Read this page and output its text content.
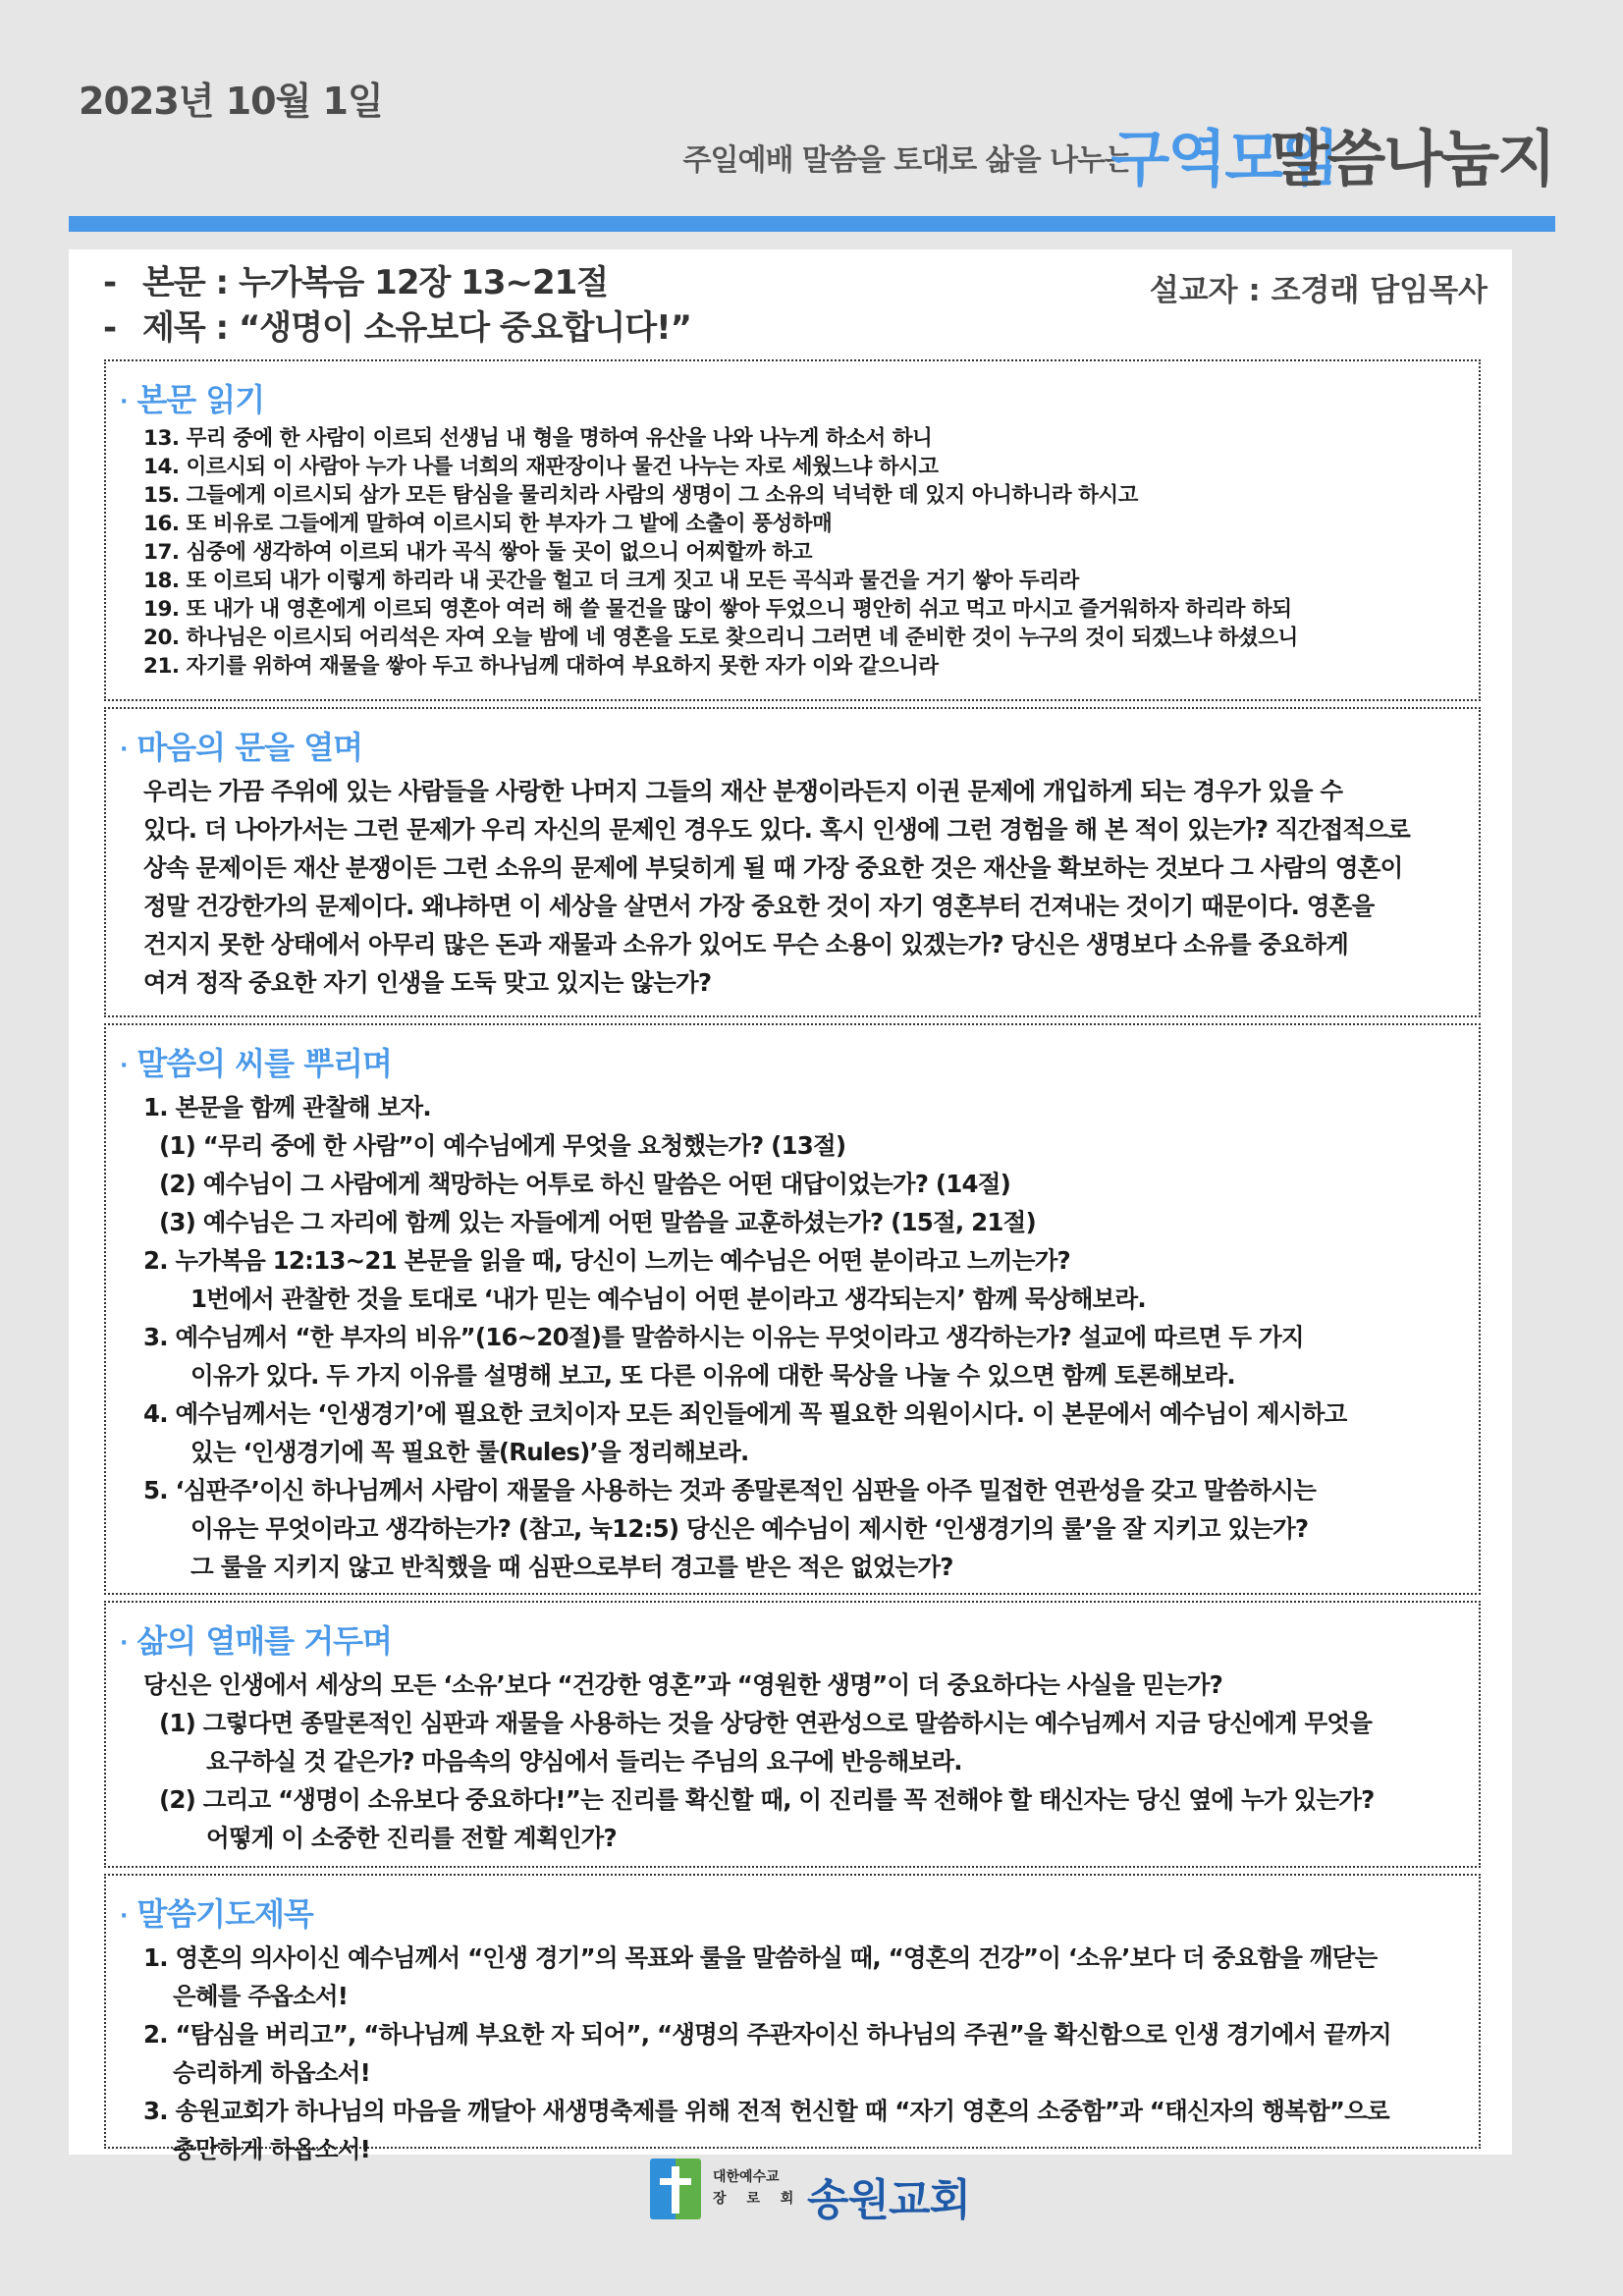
2023년 10월 1일
주일예배 말씀을 토대로 삶을 나누는
구역모임
말씀나눔지
- 본문 : 누가복음 12장 13~21절
- 제목 : “생명이 소유보다 중요합니다!”
설교자 : 조경래 담임목사
· 본문 읽기
13. 무리 중에 한 사람이 이르되 선생님 내 형을 명하여 유산을 나와 나누게 하소서 하니
14. 이르시되 이 사람아 누가 나를 너희의 재판장이나 물건 나누는 자로 세웠느냐 하시고
15. 그들에게 이르시되 삼가 모든 탐심을 물리치라 사람의 생명이 그 소유의 넉넉한 데 있지 아니하니라 하시고
16. 또 비유로 그들에게 말하여 이르시되 한 부자가 그 밭에 소출이 풍성하매
17. 심중에 생각하여 이르되 내가 곡식 쌓아 둘 곳이 없으니 어찌할까 하고
18. 또 이르되 내가 이렇게 하리라 내 곳간을 헐고 더 크게 짓고 내 모든 곡식과 물건을 거기 쌓아 두리라
19. 또 내가 내 영혼에게 이르되 영혼아 여러 해 쓸 물건을 많이 쌓아 두었으니 평안히 쉬고 먹고 마시고 즐거워하자 하리라 하되
20. 하나님은 이르시되 어리석은 자여 오늘 밤에 네 영혼을 도로 찾으리니 그러면 네 준비한 것이 누구의 것이 되겠느냐 하셨으니
21. 자기를 위하여 재물을 쌓아 두고 하나님께 대하여 부요하지 못한 자가 이와 같으니라
· 마음의 문을 열며
우리는 가끔 주위에 있는 사람들을 사랑한 나머지 그들의 재산 분쟁이라든지 이권 문제에 개입하게 되는 경우가 있을 수
있다. 더 나아가서는 그런 문제가 우리 자신의 문제인 경우도 있다. 혹시 인생에 그런 경험을 해 본 적이 있는가? 직간접적으로
상속 문제이든 재산 분쟁이든 그런 소유의 문제에 부딪히게 될 때 가장 중요한 것은 재산을 확보하는 것보다 그 사람의 영혼이
정말 건강한가의 문제이다. 왜냐하면 이 세상을 살면서 가장 중요한 것이 자기 영혼부터 건져내는 것이기 때문이다. 영혼을
건지지 못한 상태에서 아무리 많은 돈과 재물과 소유가 있어도 무슨 소용이 있겠는가? 당신은 생명보다 소유를 중요하게
여겨 정작 중요한 자기 인생을 도둑 맞고 있지는 않는가?
· 말씀의 씨를 뿌리며
1. 본문을 함께 관찰해 보자.
(1) “무리 중에 한 사람”이 예수님에게 무엇을 요청했는가? (13절)
(2) 예수님이 그 사람에게 책망하는 어투로 하신 말씀은 어떤 대답이었는가? (14절)
(3) 예수님은 그 자리에 함께 있는 자들에게 어떤 말씀을 교훈하셨는가? (15절, 21절)
2. 누가복음 12:13~21 본문을 읽을 때, 당신이 느끼는 예수님은 어떤 분이라고 느끼는가?
1번에서 관찰한 것을 토대로 ‘내가 믿는 예수님이 어떤 분이라고 생각되는지’ 함께 묵상해보라.
3. 예수님께서 “한 부자의 비유”(16~20절)를 말씀하시는 이유는 무엇이라고 생각하는가? 설교에 따르면 두 가지
이유가 있다. 두 가지 이유를 설명해 보고, 또 다른 이유에 대한 묵상을 나눌 수 있으면 함께 토론해보라.
4. 예수님께서는 ‘인생경기’에 필요한 코치이자 모든 죄인들에게 꼭 필요한 의원이시다. 이 본문에서 예수님이 제시하고
있는 ‘인생경기에 꼭 필요한 룰(Rules)’을 정리해보라.
5. ‘심판주’이신 하나님께서 사람이 재물을 사용하는 것과 종말론적인 심판을 아주 밀접한 연관성을 갖고 말씀하시는
이유는 무엇이라고 생각하는가? (참고, 눅12:5) 당신은 예수님이 제시한 ‘인생경기의 룰’을 잘 지키고 있는가?
그 룰을 지키지 않고 반칙했을 때 심판으로부터 경고를 받은 적은 없었는가?
· 삶의 열매를 거두며
당신은 인생에서 세상의 모든 ‘소유’보다 “건강한 영혼”과 “영원한 생명”이 더 중요하다는 사실을 믿는가?
(1) 그렇다면 종말론적인 심판과 재물을 사용하는 것을 상당한 연관성으로 말씀하시는 예수님께서 지금 당신에게 무엇을
요구하실 것 같은가? 마음속의 양심에서 들리는 주님의 요구에 반응해보라.
(2) 그리고 “생명이 소유보다 중요하다!”는 진리를 확신할 때, 이 진리를 꼭 전해야 할 태신자는 당신 옆에 누가 있는가?
어떻게 이 소중한 진리를 전할 계획인가?
· 말씀기도제목
1. 영혼의 의사이신 예수님께서 “인생 경기”의 목표와 룰을 말씀하실 때, “영혼의 건강”이 ‘소유’보다 더 중요함을 깨닫는
은혜를 주옵소서!
2. “탐심을 버리고”, “하나님께 부요한 자 되어”, “생명의 주관자이신 하나님의 주권”을 확신함으로 인생 경기에서 끝까지
승리하게 하옵소서!
3. 송원교회가 하나님의 마음을 깨달아 새생명축제를 위해 전적 헌신할 때 “자기 영혼의 소중함”과 “태신자의 행복함”으로
충만하게 하옵소서!
대한예수교
장 로 회 송원교회
